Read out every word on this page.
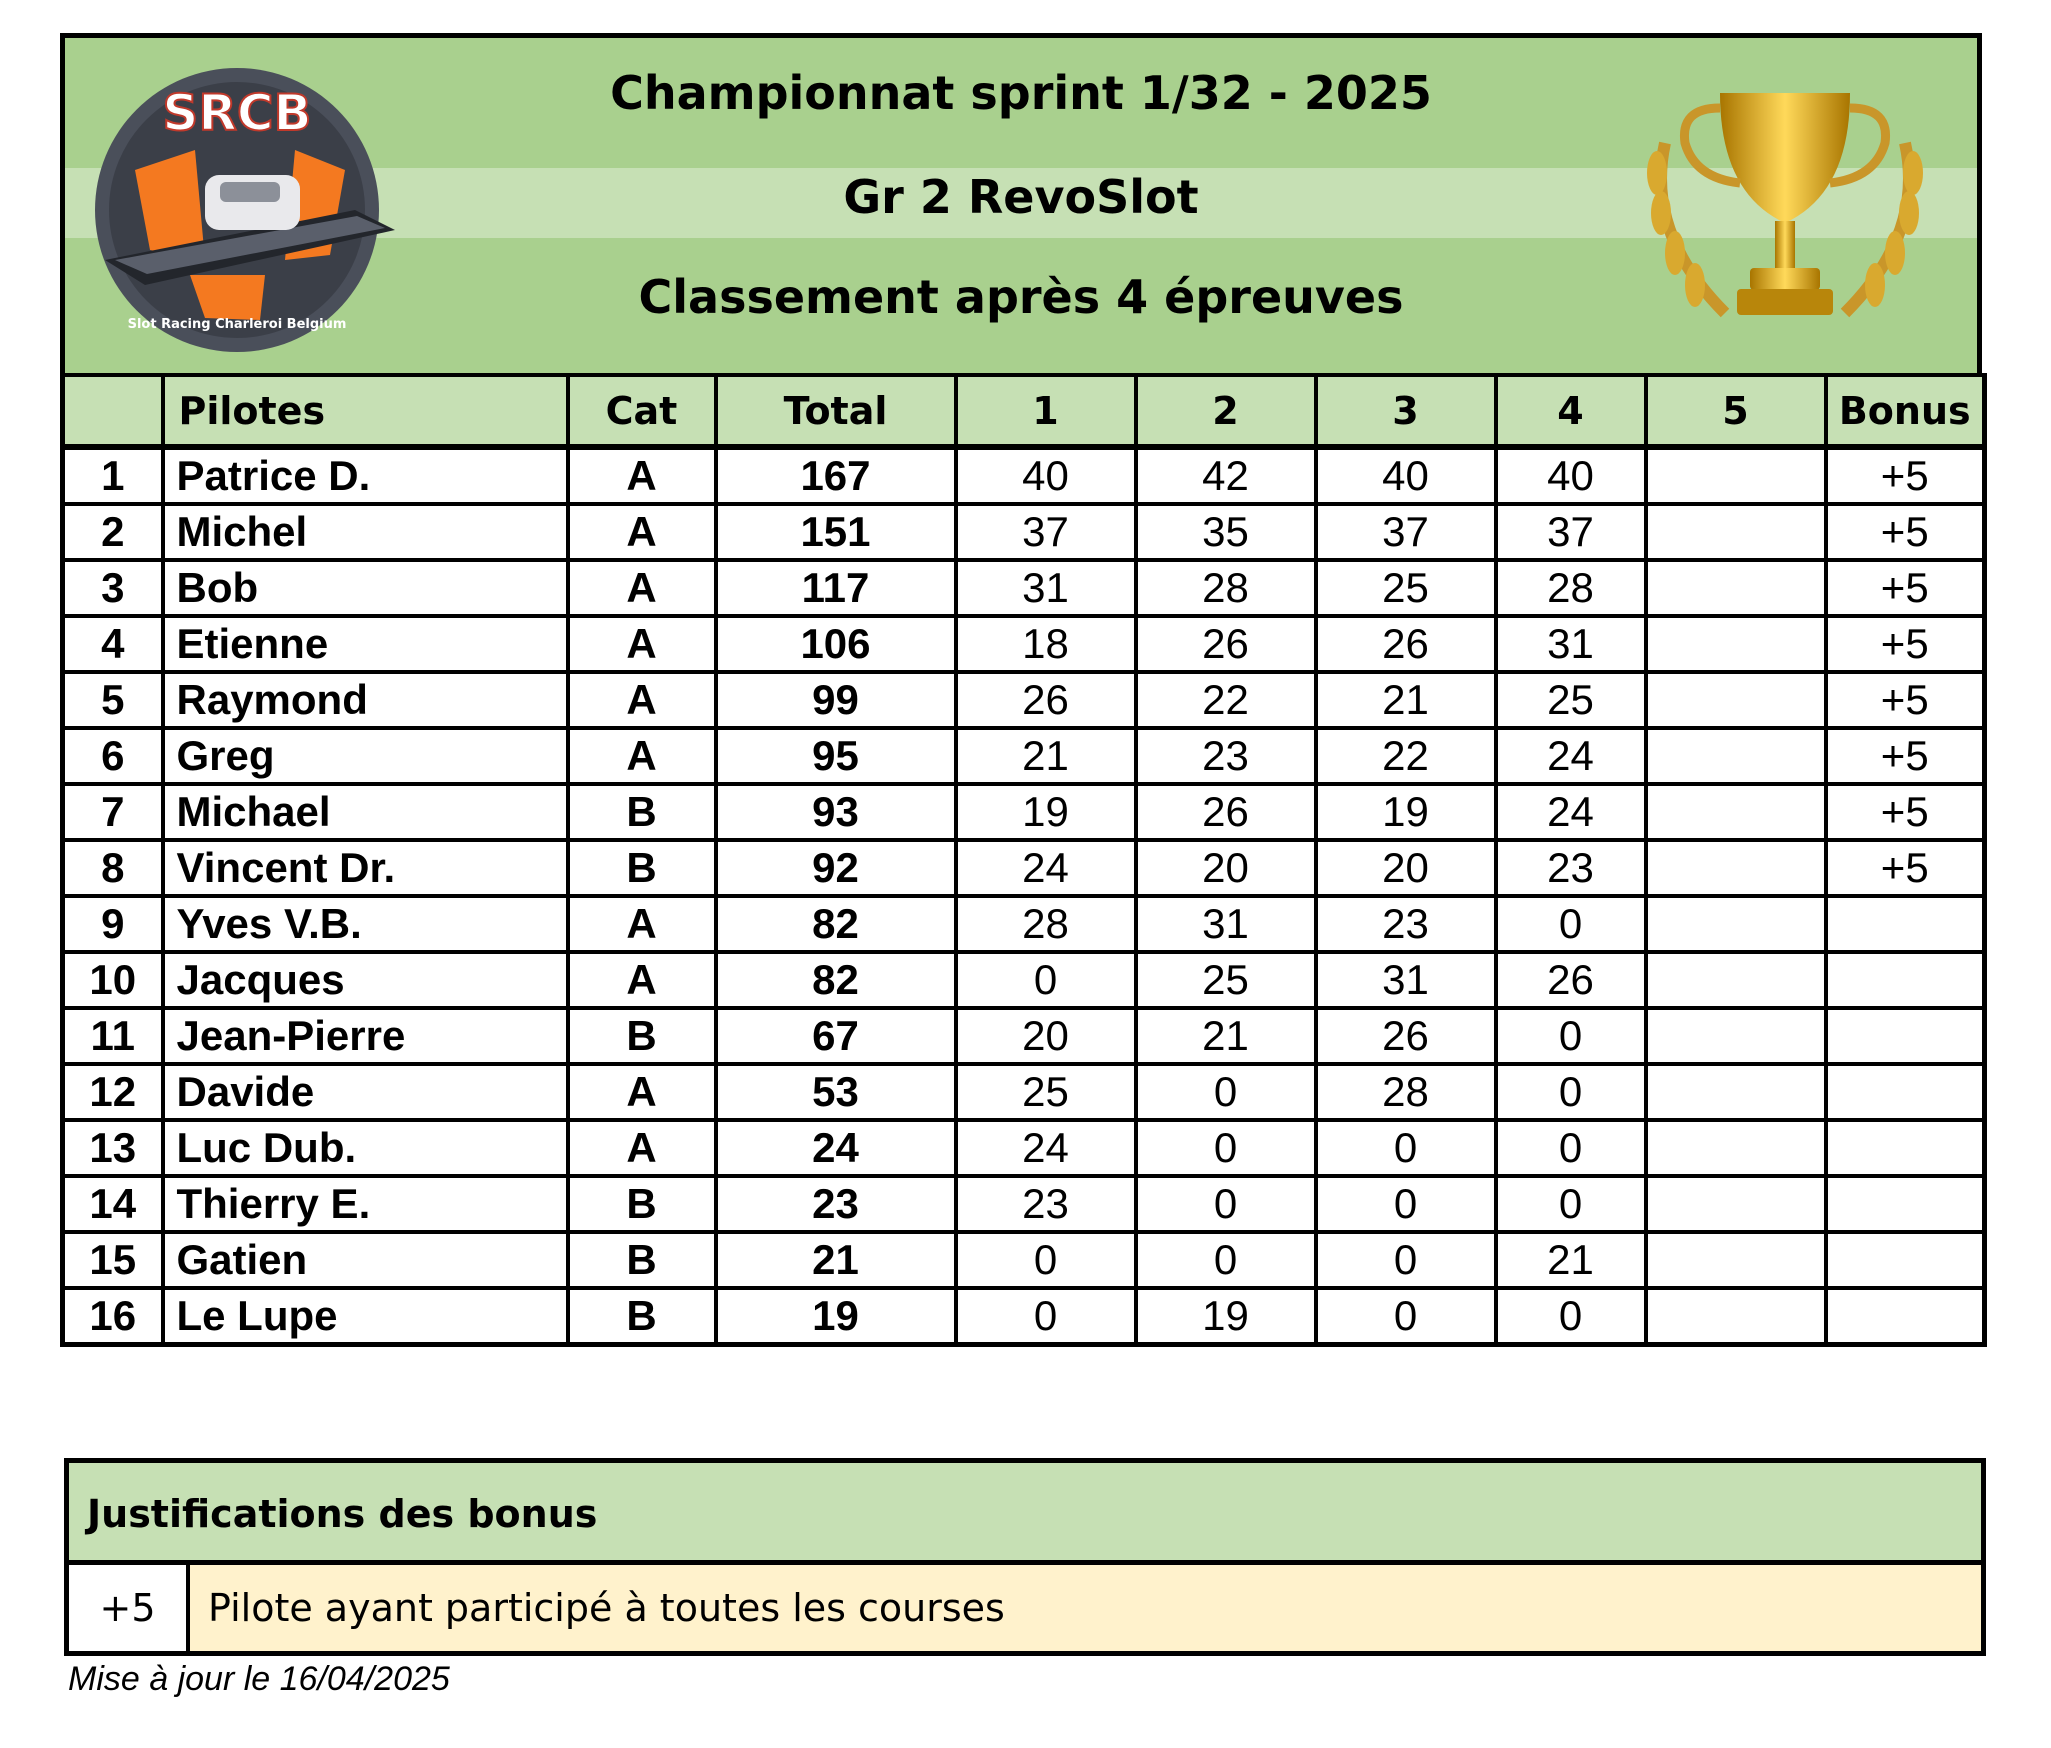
Championnat sprint 1/32 - 2025
Gr 2 RevoSlot
Classement après 4 épreuves
SRCB
Slot Racing Charleroi Belgium
	Pilotes	Cat	Total	1	2	3	4	5	Bonus
1	Patrice D.	A	167	40	42	40	40		+5
2	Michel	A	151	37	35	37	37		+5
3	Bob	A	117	31	28	25	28		+5
4	Etienne	A	106	18	26	26	31		+5
5	Raymond	A	99	26	22	21	25		+5
6	Greg	A	95	21	23	22	24		+5
7	Michael	B	93	19	26	19	24		+5
8	Vincent Dr.	B	92	24	20	20	23		+5
9	Yves V.B.	A	82	28	31	23	0		
10	Jacques	A	82	0	25	31	26		
11	Jean-Pierre	B	67	20	21	26	0		
12	Davide	A	53	25	0	28	0		
13	Luc Dub.	A	24	24	0	0	0		
14	Thierry E.	B	23	23	0	0	0		
15	Gatien	B	21	0	0	0	21		
16	Le Lupe	B	19	0	19	0	0		
Justifications des bonus
+5	Pilote ayant participé à toutes les courses
Mise à jour le 16/04/2025
